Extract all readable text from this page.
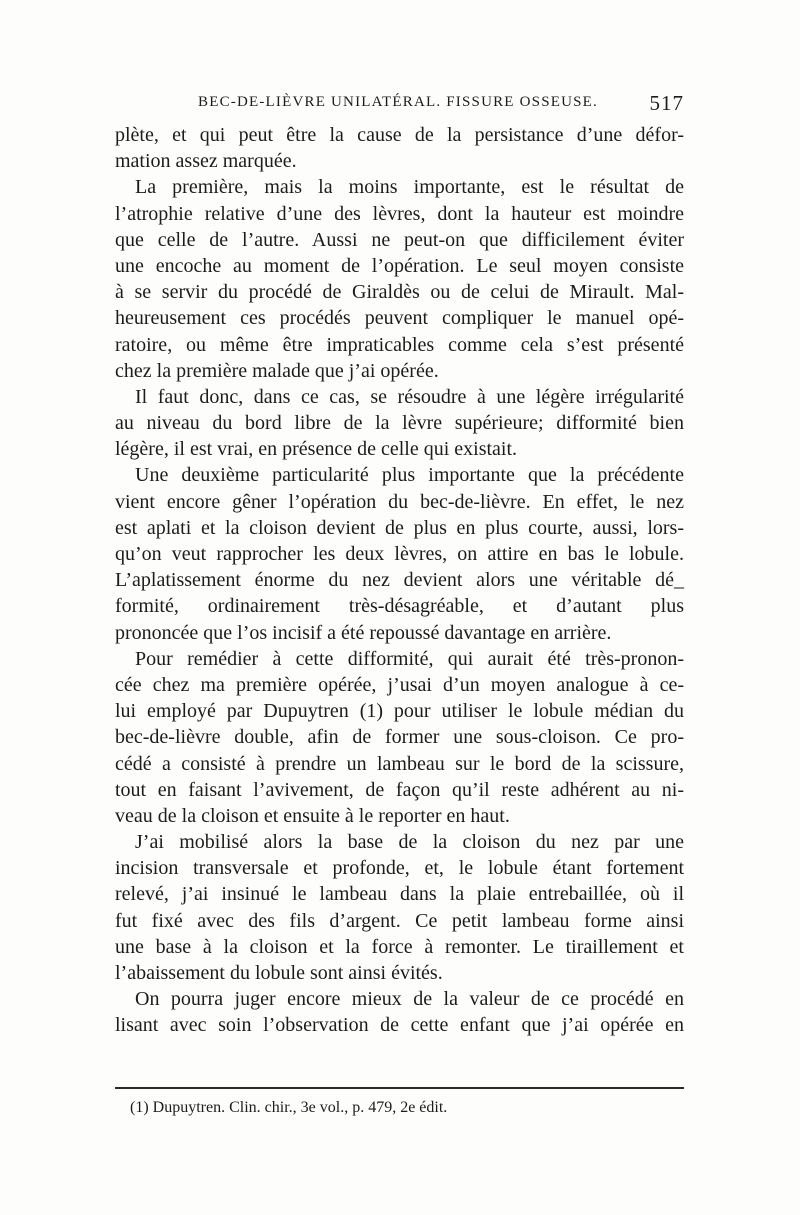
BEC-DE-LIÈVRE UNILATÉRAL. FISSURE OSSEUSE. 517
plète, et qui peut être la cause de la persistance d’une défor-
mation assez marquée.
La première, mais la moins importante, est le résultat de
l’atrophie relative d’une des lèvres, dont la hauteur est moindre
que celle de l’autre. Aussi ne peut-on que difficilement éviter
une encoche au moment de l’opération. Le seul moyen consiste
à se servir du procédé de Giraldès ou de celui de Mirault. Mal-
heureusement ces procédés peuvent compliquer le manuel opé-
ratoire, ou même être impraticables comme cela s’est présenté
chez la première malade que j’ai opérée.
Il faut donc, dans ce cas, se résoudre à une légère irrégularité
au niveau du bord libre de la lèvre supérieure; difformité bien
légère, il est vrai, en présence de celle qui existait.
Une deuxième particularité plus importante que la précédente
vient encore gêner l’opération du bec-de-lièvre. En effet, le nez
est aplati et la cloison devient de plus en plus courte, aussi, lors-
qu’on veut rapprocher les deux lèvres, on attire en bas le lobule.
L’aplatissement énorme du nez devient alors une véritable dé_
formité, ordinairement très-désagréable, et d’autant plus
prononcée que l’os incisif a été repoussé davantage en arrière.
Pour remédier à cette difformité, qui aurait été très-pronon-
cée chez ma première opérée, j’usai d’un moyen analogue à ce-
lui employé par Dupuytren (1) pour utiliser le lobule médian du
bec-de-lièvre double, afin de former une sous-cloison. Ce pro-
cédé a consisté à prendre un lambeau sur le bord de la scissure,
tout en faisant l’avivement, de façon qu’il reste adhérent au ni-
veau de la cloison et ensuite à le reporter en haut.
J’ai mobilisé alors la base de la cloison du nez par une
incision transversale et profonde, et, le lobule étant fortement
relevé, j’ai insinué le lambeau dans la plaie entrebaillée, où il
fut fixé avec des fils d’argent. Ce petit lambeau forme ainsi
une base à la cloison et la force à remonter. Le tiraillement et
l’abaissement du lobule sont ainsi évités.
On pourra juger encore mieux de la valeur de ce procédé en
lisant avec soin l’observation de cette enfant que j’ai opérée en
(1) Dupuytren. Clin. chir., 3e vol., p. 479, 2e édit.
